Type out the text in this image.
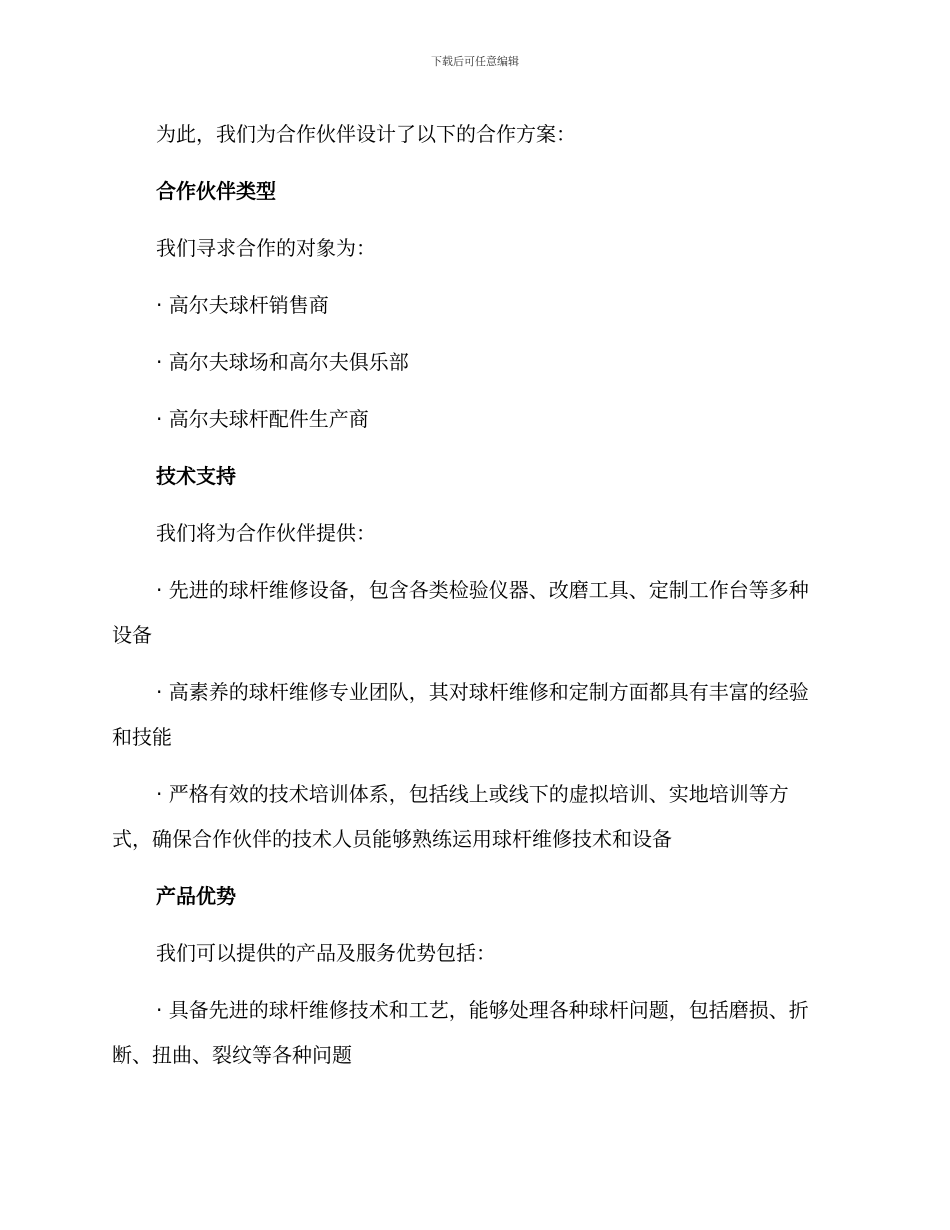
下载后可任意编辑

为此，我们为合作伙伴设计了以下的合作方案：

合作伙伴类型

我们寻求合作的对象为：

· 高尔夫球杆销售商

· 高尔夫球场和高尔夫俱乐部

· 高尔夫球杆配件生产商

技术支持

我们将为合作伙伴提供：

· 先进的球杆维修设备，包含各类检验仪器、改磨工具、定制工作台等多种设备

· 高素养的球杆维修专业团队，其对球杆维修和定制方面都具有丰富的经验和技能

· 严格有效的技术培训体系，包括线上或线下的虚拟培训、实地培训等方式，确保合作伙伴的技术人员能够熟练运用球杆维修技术和设备

产品优势

我们可以提供的产品及服务优势包括：

· 具备先进的球杆维修技术和工艺，能够处理各种球杆问题，包括磨损、折断、扭曲、裂纹等各种问题
